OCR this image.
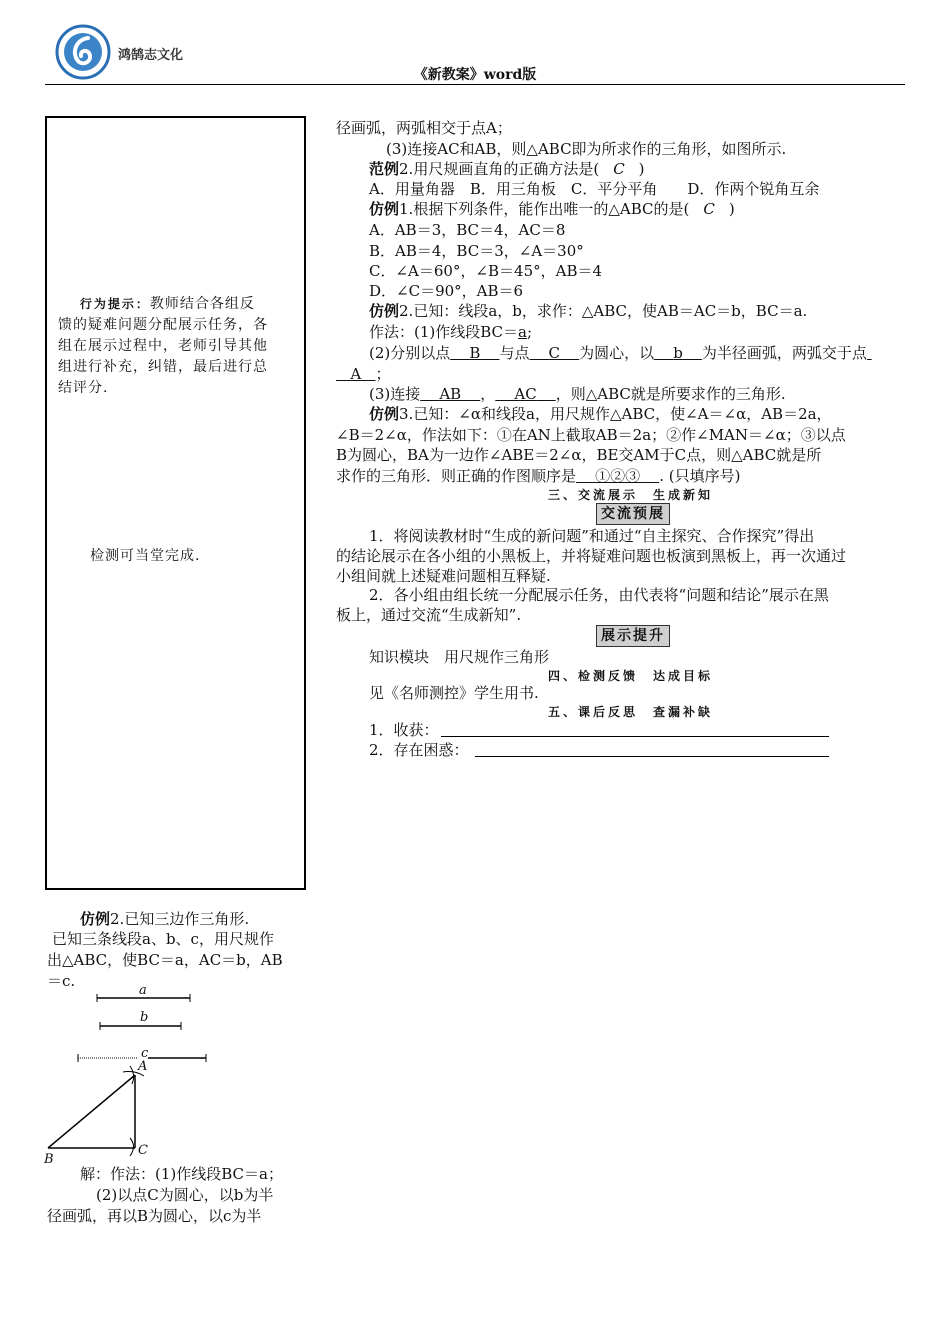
鸿鹄志文化
《新教案》word版
行为提示：教师结合各组反
馈的疑难问题分配展示任务，各
组在展示过程中，老师引导其他
组进行补充，纠错，最后进行总
结评分.
检测可当堂完成.
径画弧，两弧相交于点A；
(3)连接AC和AB，则△ABC即为所求作的三角形，如图所示.
范例2.用尺规画直角的正确方法是( C )
A．用量角器　B．用三角板　C．平分平角　　D．作两个锐角互余
仿例1.根据下列条件，能作出唯一的△ABC的是( C )
A．AB＝3，BC＝4，AC＝8
B．AB＝4，BC＝3，∠A＝30°
C．∠A＝60°，∠B＝45°，AB＝4
D．∠C＝90°，AB＝6
仿例2.已知：线段a，b，求作：△ABC，使AB＝AC＝b，BC＝a.
作法：(1)作线段BC＝a;
(2)分别以点 B 与点 C 为圆心，以 b 为半径画弧，两弧交于点
A ；
(3)连接 AB ， AC ，则△ABC就是所要求作的三角形.
仿例3.已知：∠α和线段a，用尺规作△ABC，使∠A＝∠α，AB＝2a，
∠B＝2∠α，作法如下：①在AN上截取AB＝2a；②作∠MAN＝∠α；③以点
B为圆心，BA为一边作∠ABE＝2∠α，BE交AM于C点，则△ABC就是所
求作的三角形．则正确的作图顺序是 ①②③ . (只填序号)
三、交流展示　生成新知
交流预展
1．将阅读教材时“生成的新问题”和通过“自主探究、合作探究”得出
的结论展示在各小组的小黑板上，并将疑难问题也板演到黑板上，再一次通过
小组间就上述疑难问题相互释疑.
2．各小组由组长统一分配展示任务，由代表将“问题和结论”展示在黑
板上，通过交流“生成新知”.
展示提升
知识模块　用尺规作三角形
四、检测反馈　达成目标
见《名师测控》学生用书.
五、课后反思　查漏补缺
1．收获：
2．存在困惑：
仿例2.已知三边作三角形.
已知三条线段a、b、c，用尺规作
出△ABC，使BC＝a，AC＝b，AB
＝c.
a
b
c
A
B
C
解：作法：(1)作线段BC＝a；
(2)以点C为圆心，以b为半
径画弧，再以B为圆心，以c为半
